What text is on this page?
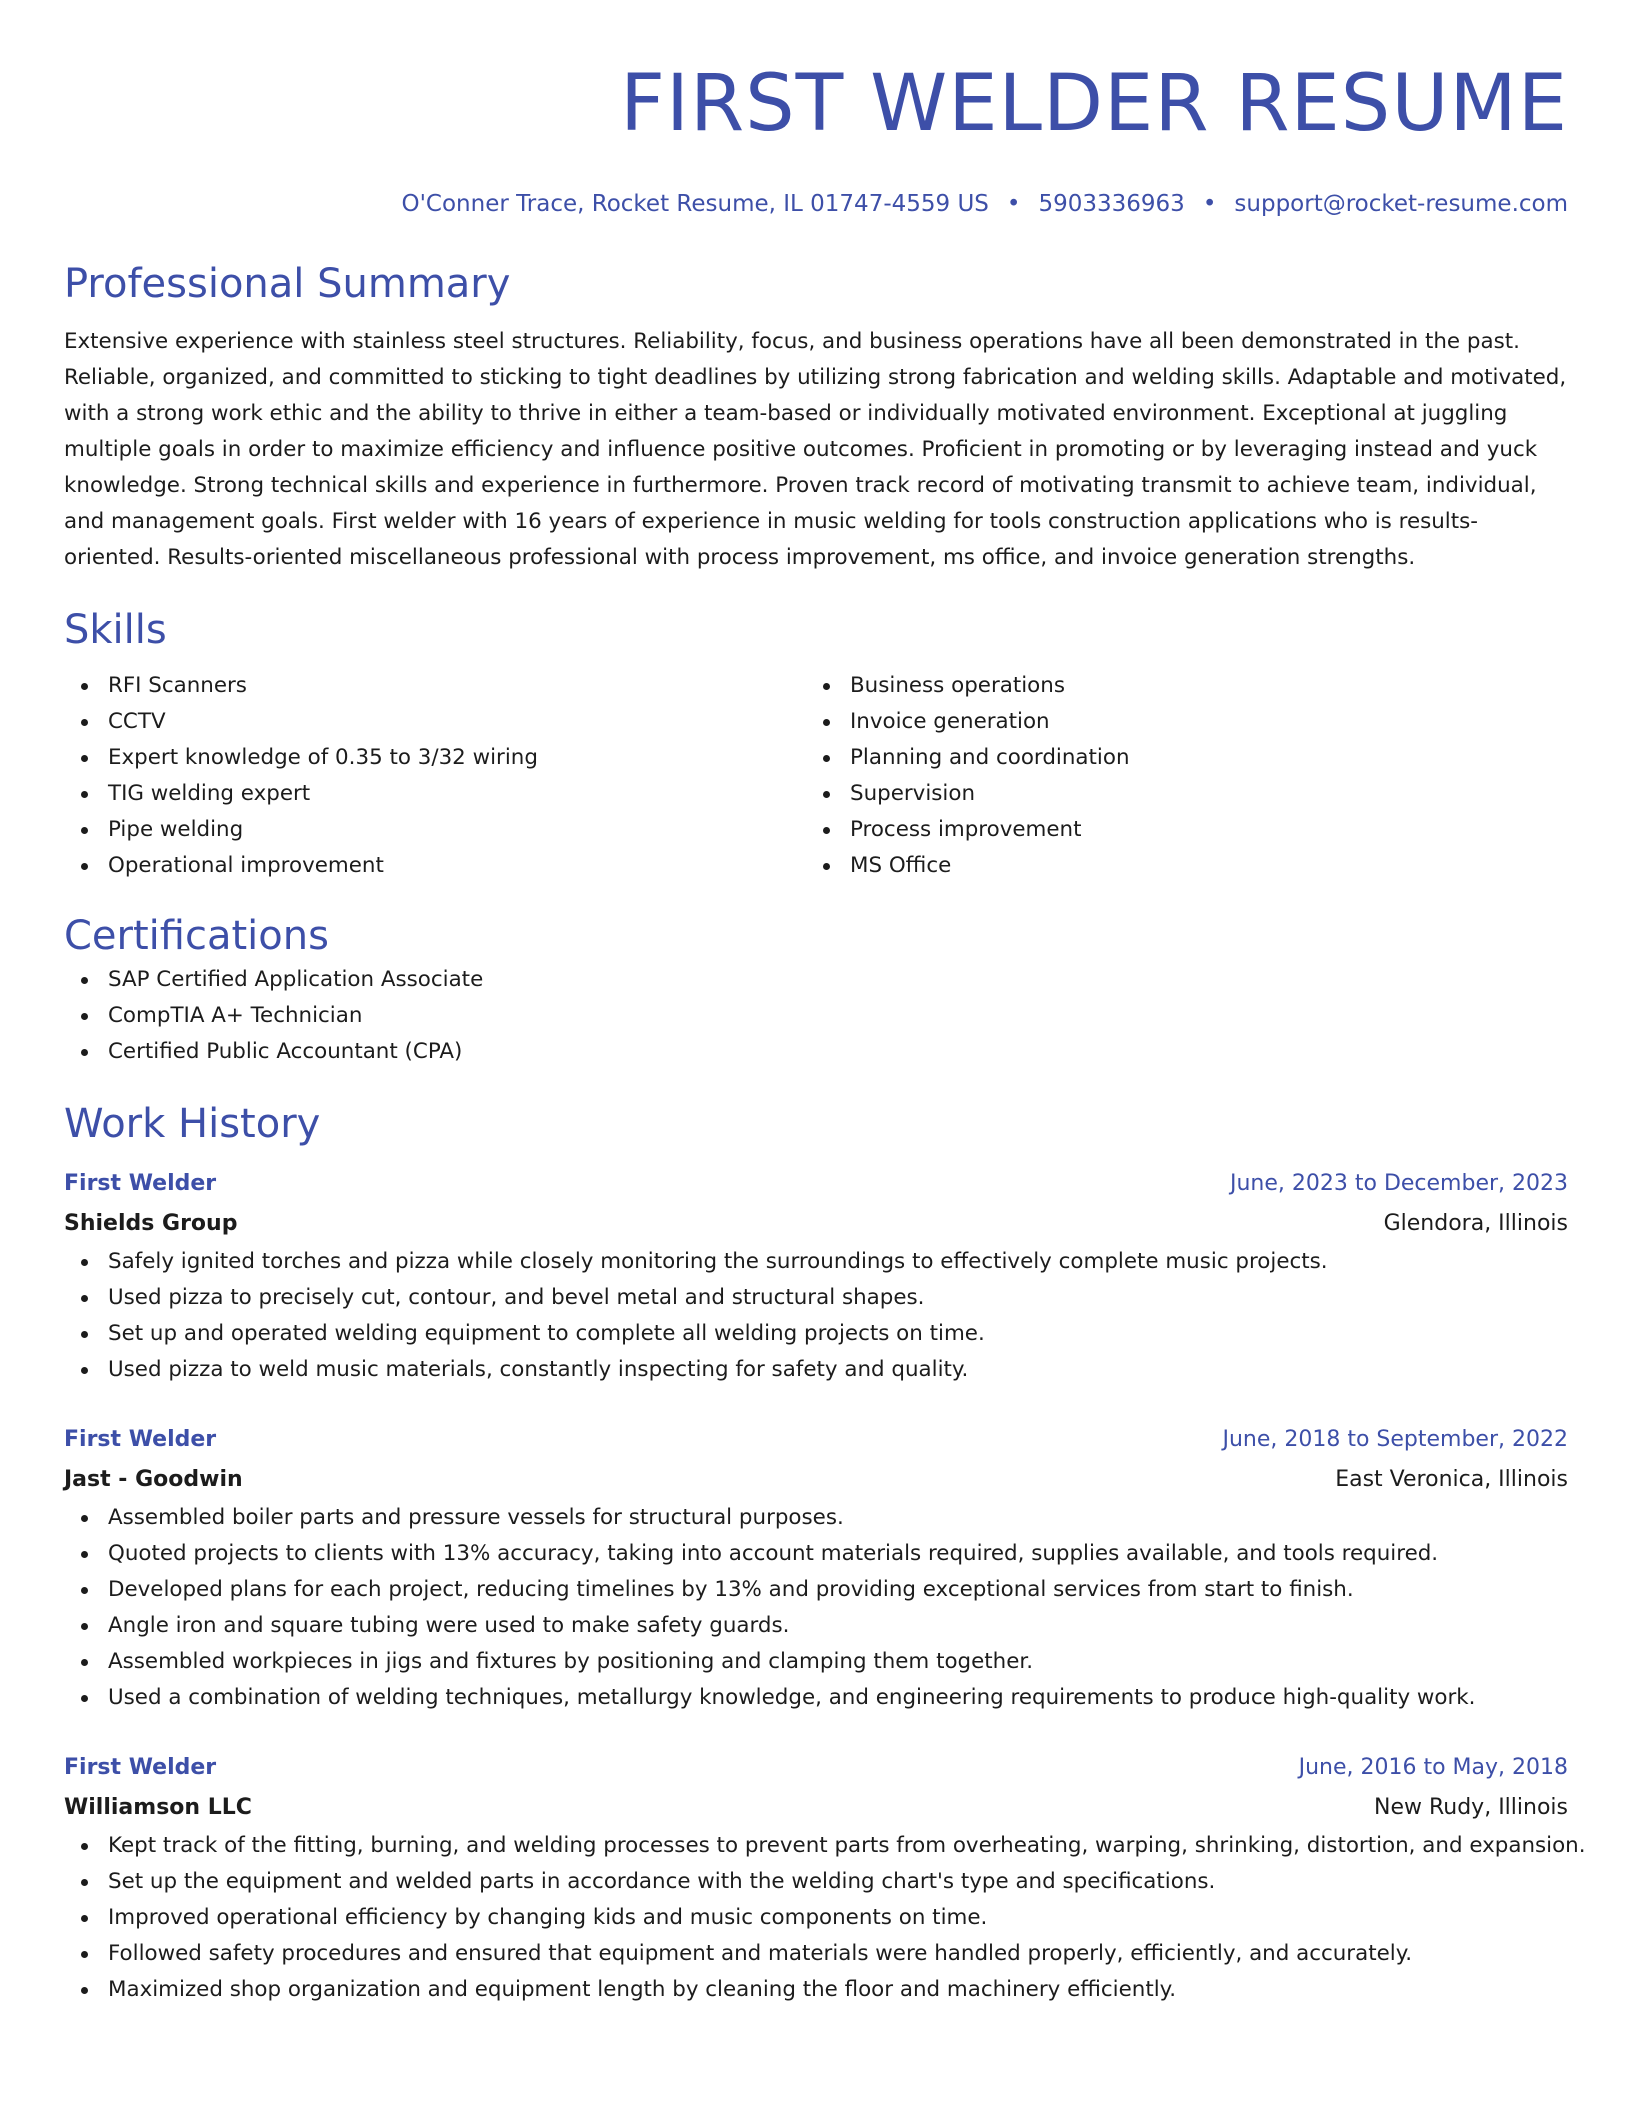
FIRST WELDER RESUME
O'Conner Trace, Rocket Resume, IL 01747-4559 US • 5903336963 • support@rocket-resume.com
Professional Summary
Extensive experience with stainless steel structures. Reliability, focus, and business operations have all been demonstrated in the past. Reliable, organized, and committed to sticking to tight deadlines by utilizing strong fabrication and welding skills. Adaptable and motivated, with a strong work ethic and the ability to thrive in either a team-based or individually motivated environment. Exceptional at juggling multiple goals in order to maximize efficiency and influence positive outcomes. Proficient in promoting or by leveraging instead and yuck knowledge. Strong technical skills and experience in furthermore. Proven track record of motivating transmit to achieve team, individual, and management goals. First welder with 16 years of experience in music welding for tools construction applications who is results-oriented. Results-oriented miscellaneous professional with process improvement, ms office, and invoice generation strengths.
Skills
RFI Scanners
CCTV
Expert knowledge of 0.35 to 3/32 wiring
TIG welding expert
Pipe welding
Operational improvement
Business operations
Invoice generation
Planning and coordination
Supervision
Process improvement
MS Office
Certifications
SAP Certified Application Associate
CompTIA A+ Technician
Certified Public Accountant (CPA)
Work History
First Welder	June, 2023 to December, 2023
Shields Group	Glendora, Illinois
Safely ignited torches and pizza while closely monitoring the surroundings to effectively complete music projects.
Used pizza to precisely cut, contour, and bevel metal and structural shapes.
Set up and operated welding equipment to complete all welding projects on time.
Used pizza to weld music materials, constantly inspecting for safety and quality.
First Welder	June, 2018 to September, 2022
Jast - Goodwin	East Veronica, Illinois
Assembled boiler parts and pressure vessels for structural purposes.
Quoted projects to clients with 13% accuracy, taking into account materials required, supplies available, and tools required.
Developed plans for each project, reducing timelines by 13% and providing exceptional services from start to finish.
Angle iron and square tubing were used to make safety guards.
Assembled workpieces in jigs and fixtures by positioning and clamping them together.
Used a combination of welding techniques, metallurgy knowledge, and engineering requirements to produce high-quality work.
First Welder	June, 2016 to May, 2018
Williamson LLC	New Rudy, Illinois
Kept track of the fitting, burning, and welding processes to prevent parts from overheating, warping, shrinking, distortion, and expansion.
Set up the equipment and welded parts in accordance with the welding chart's type and specifications.
Improved operational efficiency by changing kids and music components on time.
Followed safety procedures and ensured that equipment and materials were handled properly, efficiently, and accurately.
Maximized shop organization and equipment length by cleaning the floor and machinery efficiently.
